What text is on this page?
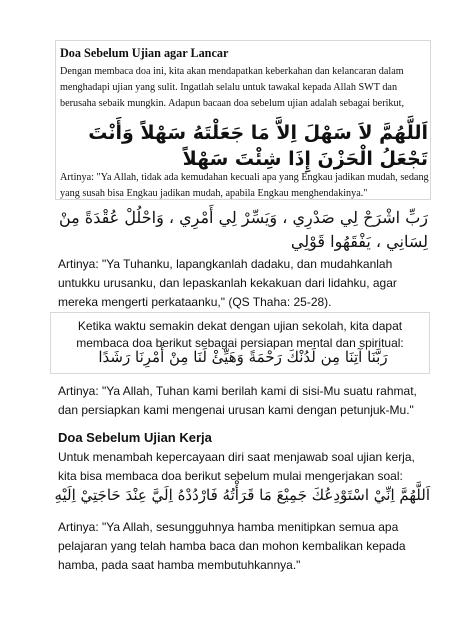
Doa Sebelum Ujian agar Lancar
Dengan membaca doa ini, kita akan mendapatkan keberkahan dan kelancaran dalam menghadapi ujian yang sulit. Ingatlah selalu untuk tawakal kepada Allah SWT dan berusaha sebaik mungkin. Adapun bacaan doa sebelum ujian adalah sebagai berikut,
اَللَّهُمَّ لاَ سَهْلَ اِلاَّ مَا جَعَلْتَهُ سَهْلاً وَأَنْتَ تَجْعَلُ الْحَزْنَ إِذَا شِئْتَ سَهْلاً
Artinya: "Ya Allah, tidak ada kemudahan kecuali apa yang Engkau jadikan mudah, sedang yang susah bisa Engkau jadikan mudah, apabila Engkau menghendakinya."
رَبِّ اشْرَحْ لِي صَدْرِي ، وَيَسِّرْ لِي أَمْرِي ، وَاحْلُلْ عُقْدَةً مِنْ لِسَانِي ، يَفْقَهُوا قَوْلِي
Artinya: "Ya Tuhanku, lapangkanlah dadaku, dan mudahkanlah untukku urusanku, dan lepaskanlah kekakuan dari lidahku, agar mereka mengerti perkataanku," (QS Thaha: 25-28).
Ketika waktu semakin dekat dengan ujian sekolah, kita dapat membaca doa berikut sebagai persiapan mental dan spiritual:
رَبَّنَا آتِنَا مِن لَدُنْكَ رَحْمَةً وَهَيِّئْ لَنَا مِنْ أَمْرِنَا رَشَدًا
Artinya: "Ya Allah, Tuhan kami berilah kami di sisi-Mu suatu rahmat, dan persiapkan kami mengenai urusan kami dengan petunjuk-Mu."
Doa Sebelum Ujian Kerja
Untuk menambah kepercayaan diri saat menjawab soal ujian kerja, kita bisa membaca doa berikut sebelum mulai mengerjakan soal:
اَللَّهُمَّ اِنِّيْ اسْتَوْدِعُكَ جَمِيْعَ مَا قَرَأْتُهُ فَارْدُدْهُ اِلَيَّ عِنْدَ حَاجَتِيْ اِلَيْهِ
Artinya: "Ya Allah, sesungguhnya hamba menitipkan semua apa pelajaran yang telah hamba baca dan mohon kembalikan kepada hamba, pada saat hamba membutuhkannya."
